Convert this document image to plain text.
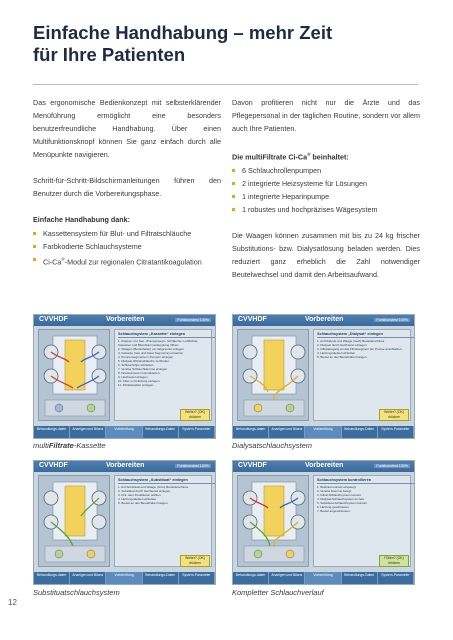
Einfache Handhabung – mehr Zeit
für Ihre Patienten

Das ergonomische Bedienkonzept mit selbsterklärender Menüführung ermöglicht eine besonders benutzerfreundliche Handhabung. Über einen Multifunktionsknopf können Sie ganz einfach durch alle Menüpunkte navigieren.

Schritt-für-Schritt-Bildschirmanleitungen führen den Benutzer durch die Vorbereitungsphase.

Einfache Handhabung dank:
Kassettensystem für Blut- und Filtratschläuche
Farbkodierte Schlauchsysteme
Ci-Ca®-Modul zur regionalen Citratantikoagulation

Davon profitieren nicht nur die Ärzte und das Pflegepersonal in der täglichen Routine, sondern vor allem auch Ihre Patienten.

Die multiFiltrate Ci-Ca® beinhaltet:
6 Schlauchrollenpumpen
2 integrierte Heizsysteme für Lösungen
1 integrierte Heparinpumpe
1 robustes und hochpräzises Wägesystem

Die Waagen können zusammen mit bis zu 24 kg frischer Substitutions- bzw. Dialysatlösung beladen werden. Dies reduziert ganz erheblich die Zahl notwendiger Beutelwechsel und damit den Arbeitsaufwand.

CVVHDF	Vorbereiten	Funktionstest 100%
Schlauchsystem „Kassette“ einlegen
1. Klappen von Sen.-/Pumpensegm. Schläuchen Luftdichter, Kassetten und Bilanzkammerkupplung öffnen.
2. Waagen (Beutelhalter) ein-/abgesenkt einlegen.
3. Kassette (rote und blaue Segmente) einsetzen.
4. Pumpensegmente in Pumpen einlegen.
5. Dialysat-/Filtratschläuche verbinden.
6. Schlauchclips schließen.
7. Venöse Schlauchklemme einlegen.
8. Drucksensoren konnektieren.
9. Heizbeutel einlegen.
10. Filter und Heizung einlegen.
11. Filtratdetektor einlegen.
Weiter? (OK) drücken
Behandlungs-daten	Anzeigen und Bilanz	Vorbereitung	Behandlungs-Daten	System-Parameter
multiFiltrate-Kassette
CVVHDF	Vorbereiten	Funktionstest 100%
Schlauchsystem „Dialysat“ einlegen
1. Auf Dialysat und Waage (Gelb) Beutelanschluss.
2. Dialysat durch Heizbeutel einlegen.
3. Filtratausgang an das Filtratsegment der Pumpe anschließen.
4. Heizungsdeckel schließen.
5. Beutel an den Beutelhalter hängen.
Weiter? (OK) drücken
Behandlungs-daten	Anzeigen und Bilanz	Vorbereitung	Behandlungs-Daten	System-Parameter
Dialysatschlauchsystem
CVVHDF	Vorbereiten	Funktionstest 100%
Schlauchsystem „Substituat“ einlegen
1. Auf Substituat und Waage (Grün) Beutelanschluss.
2. Substituat durch Heizbeutel einlegen.
3. Prä- oder Postdilution wählen.
4. Heizungsdeckel schließen.
5. Beutel an den Beutelhalter hängen.
Weiter? (OK) drücken
Behandlungs-daten	Anzeigen und Bilanz	Vorbereitung	Behandlungs-Daten	System-Parameter
Substituatschlauchsystem
CVVHDF	Vorbereiten	Funktionstest 100%
Schlauchsystem kontrollieren
1. Blutlinien korrekt eingelegt.
2. Venöse Klemme belegt.
3. Filtrat-Schlauchsystem korrekt.
4. Dialysat-Schlauchsystem korrekt.
5. Substituat-Schlauchsystem korrekt.
6. Heizung geschlossen.
7. Beutel angeschlossen.
Füllen? (OK) drücken
Behandlungs-daten	Anzeigen und Bilanz	Vorbereitung	Behandlungs-Daten	System-Parameter
Kompletter Schlauchverlauf
12
